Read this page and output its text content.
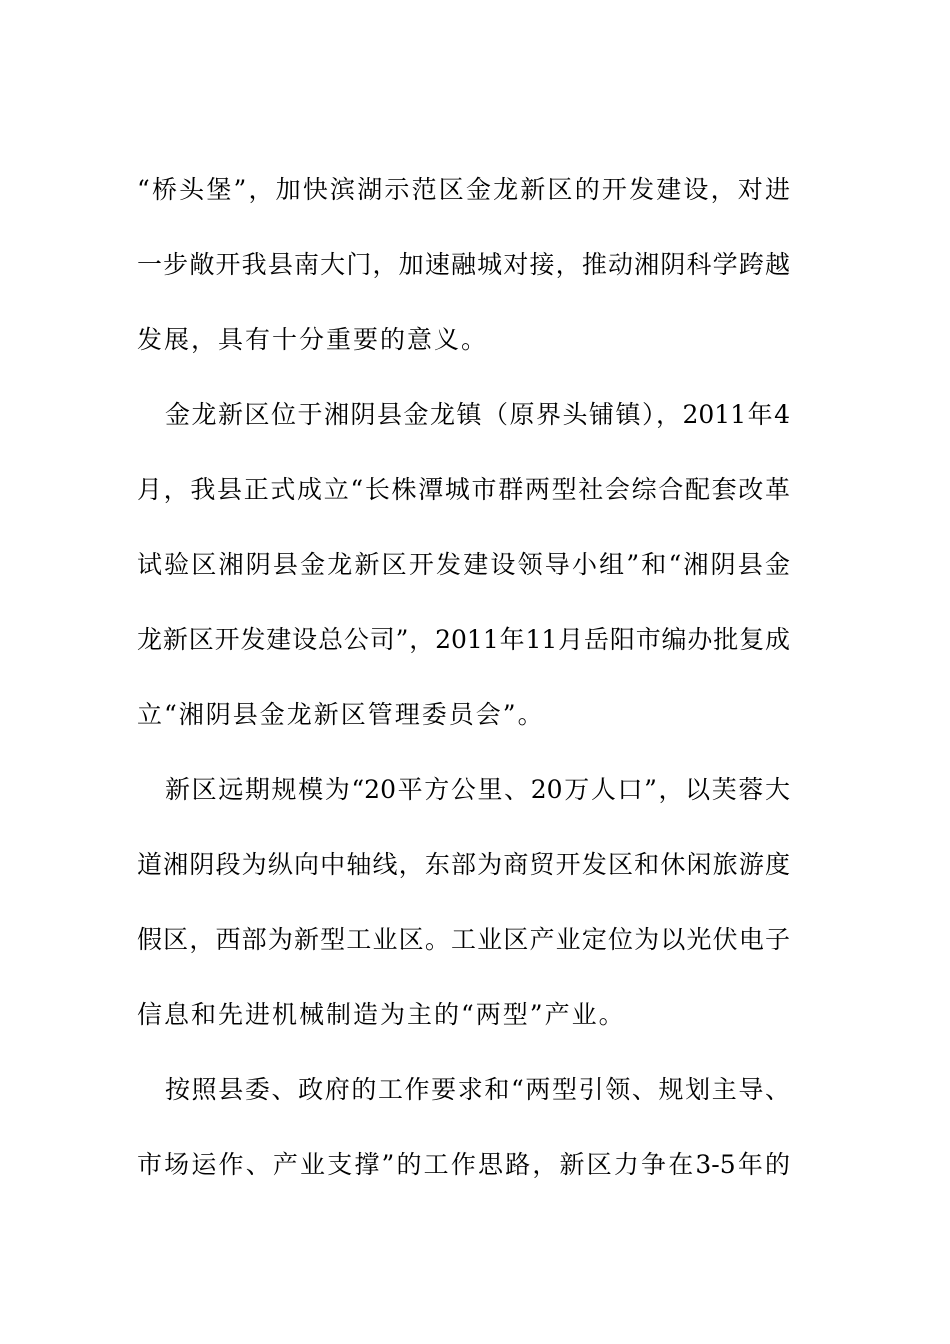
“桥头堡”，加快滨湖示范区金龙新区的开发建设，对进
一步敞开我县南大门，加速融城对接，推动湘阴科学跨越
发展，具有十分重要的意义。
金龙新区位于湘阴县金龙镇（原界头铺镇），2011年4
月，我县正式成立“长株潭城市群两型社会综合配套改革
试验区湘阴县金龙新区开发建设领导小组”和“湘阴县金
龙新区开发建设总公司”，2011年11月岳阳市编办批复成
立“湘阴县金龙新区管理委员会”。
新区远期规模为“20平方公里、20万人口”，以芙蓉大
道湘阴段为纵向中轴线，东部为商贸开发区和休闲旅游度
假区，西部为新型工业区。工业区产业定位为以光伏电子
信息和先进机械制造为主的“两型”产业。
按照县委、政府的工作要求和“两型引领、规划主导、
市场运作、产业支撑”的工作思路，新区力争在3-5年的
